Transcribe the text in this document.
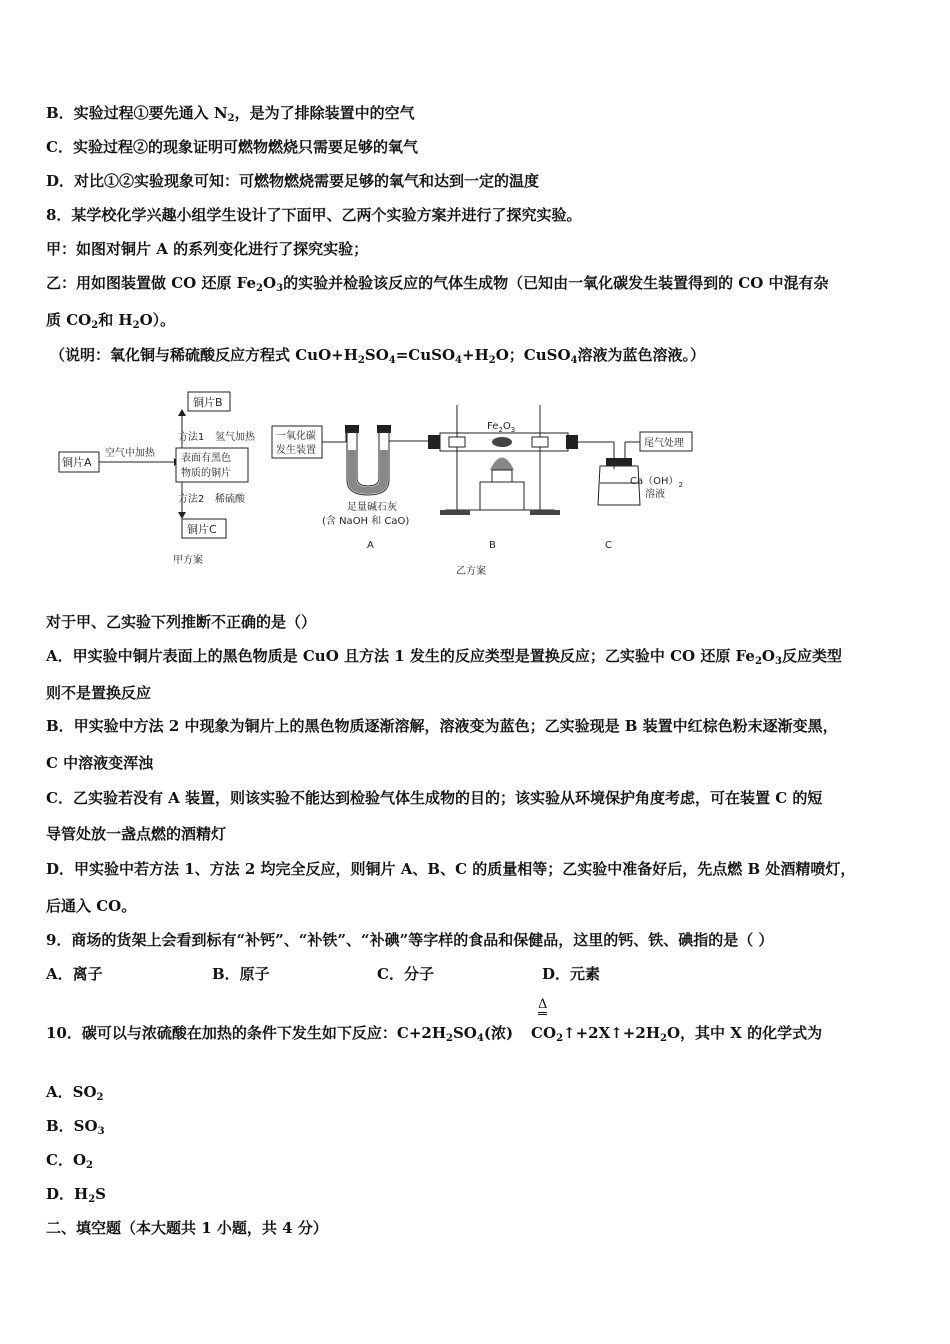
B．实验过程①要先通入 $N_2$，是为了排除装置中的空气
C．实验过程②的现象证明可燃物燃烧只需要足够的氧气
D．对比①②实验现象可知：可燃物燃烧需要足够的氧气和达到一定的温度
8．某学校化学兴趣小组学生设计了下面甲、乙两个实验方案并进行了探究实验。
甲：如图对铜片 A 的系列变化进行了探究实验；
乙：用如图装置做 CO 还原 $Fe_2O_3$的实验并检验该反应的气体生成物（已知由一氧化碳发生装置得到的 CO 中混有杂
质 $CO_2$和 $H_2O$）。
（说明：氧化铜与稀硫酸反应方程式 $CuO+H_2SO_4=CuSO_4+H_2O$；CuSO$_4$溶液为蓝色溶液。）
铜片A
空气中加热	表面有黑色
物质的铜片
铜片B
方法1 氢气加热
方法2 稀硫酸
铜片C
甲方案
一氧化碳
发生装置
足量碱石灰
(含 NaOH 和 CaO)
A
$Fe_2O_3$
B
尾气处理
$Ca(OH)_2$
溶液
C
乙方案
对于甲、乙实验下列推断不正确的是（）
A．甲实验中铜片表面上的黑色物质是 CuO 且方法 1 发生的反应类型是置换反应；乙实验中 CO 还原 $Fe_2O_3$反应类型
则不是置换反应
B．甲实验中方法 2 中现象为铜片上的黑色物质逐渐溶解，溶液变为蓝色；乙实验现是 B 装置中红棕色粉末逐渐变黑，
C 中溶液变浑浊
C．乙实验若没有 A 装置，则该实验不能达到检验气体生成物的目的；该实验从环境保护角度考虑，可在装置 C 的短
导管处放一盏点燃的酒精灯
D．甲实验中若方法 1、方法 2 均完全反应，则铜片 A、B、C 的质量相等；乙实验中准备好后，先点燃 B 处酒精喷灯，
后通入 CO。
9．商场的货架上会看到标有“补钙”、“补铁”、“补碘”等字样的食品和保健品，这里的钙、铁、碘指的是（ ）
A．离子	B．原子	C．分子	D．元素
Δ
10．碳可以与浓硫酸在加热的条件下发生如下反应：$C+2H_2SO_4$(浓) $CO_2↑+2X↑+2H_2O$，其中 X 的化学式为
A．$SO_2$
B．$SO_3$
C．$O_2$
D．$H_2S$
二、填空题（本大题共 1 小题，共 4 分）
